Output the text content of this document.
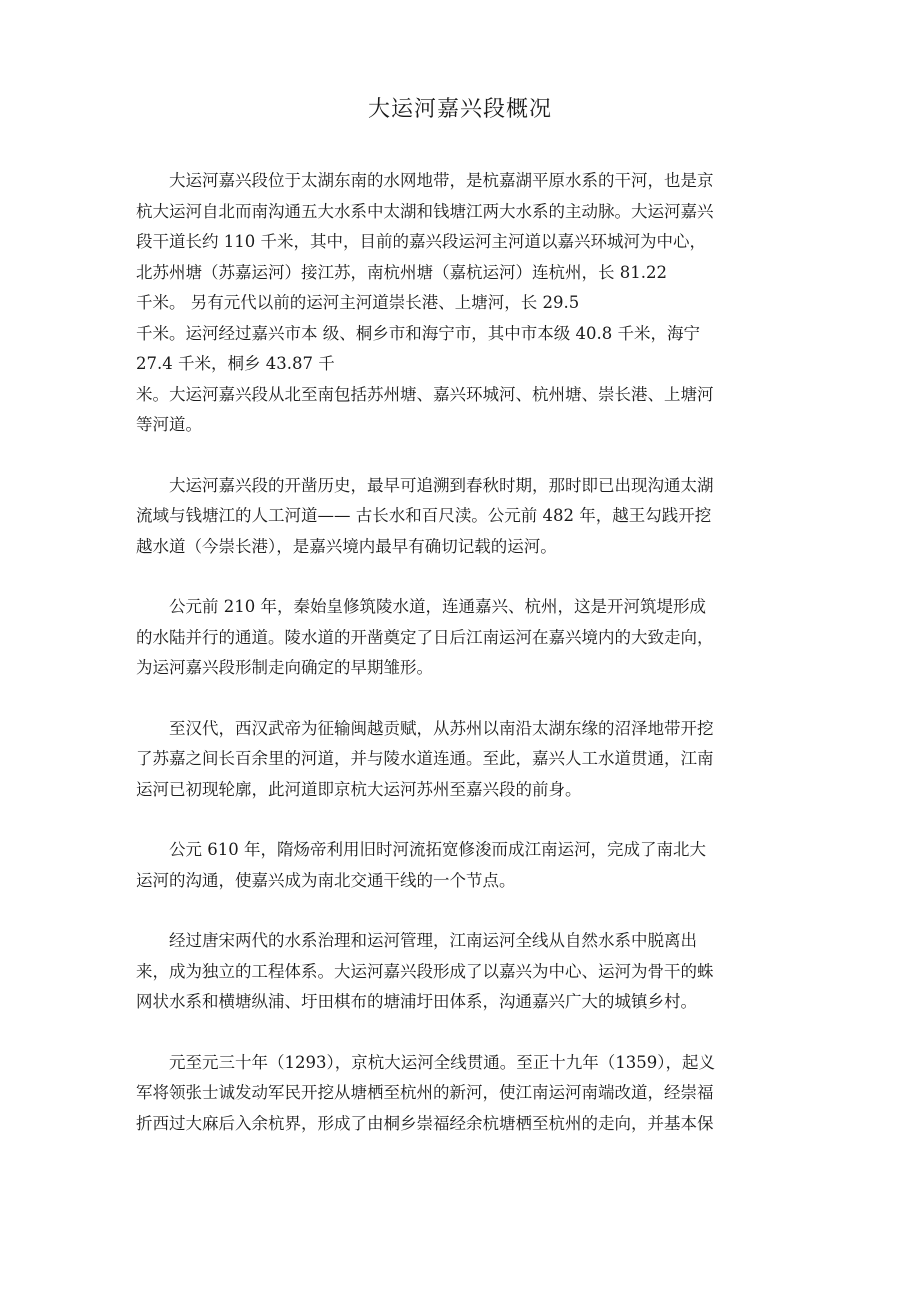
大运河嘉兴段概况
大运河嘉兴段位于太湖东南的水网地带，是杭嘉湖平原水系的干河，也是京
杭大运河自北而南沟通五大水系中太湖和钱塘江两大水系的主动脉。大运河嘉兴
段干道长约 110 千米，其中，目前的嘉兴段运河主河道以嘉兴环城河为中心，
北苏州塘（苏嘉运河）接江苏，南杭州塘（嘉杭运河）连杭州，长 81.22
千米。 另有元代以前的运河主河道崇长港、上塘河，长 29.5
千米。运河经过嘉兴市本 级、桐乡市和海宁市，其中市本级 40.8 千米，海宁
27.4 千米，桐乡 43.87 千
米。大运河嘉兴段从北至南包括苏州塘、嘉兴环城河、杭州塘、崇长港、上塘河
等河道。
大运河嘉兴段的开凿历史，最早可追溯到春秋时期，那时即已出现沟通太湖
流域与钱塘江的人工河道—— 古长水和百尺渎。公元前 482 年，越王勾践开挖
越水道（今崇长港），是嘉兴境内最早有确切记载的运河。
公元前 210 年，秦始皇修筑陵水道，连通嘉兴、杭州，这是开河筑堤形成
的水陆并行的通道。陵水道的开凿奠定了日后江南运河在嘉兴境内的大致走向，
为运河嘉兴段形制走向确定的早期雏形。
至汉代，西汉武帝为征输闽越贡赋，从苏州以南沿太湖东缘的沼泽地带开挖
了苏嘉之间长百余里的河道，并与陵水道连通。至此，嘉兴人工水道贯通，江南
运河已初现轮廓，此河道即京杭大运河苏州至嘉兴段的前身。
公元 610 年，隋炀帝利用旧时河流拓宽修浚而成江南运河，完成了南北大
运河的沟通，使嘉兴成为南北交通干线的一个节点。
经过唐宋两代的水系治理和运河管理，江南运河全线从自然水系中脱离出
来，成为独立的工程体系。大运河嘉兴段形成了以嘉兴为中心、运河为骨干的蛛
网状水系和横塘纵浦、圩田棋布的塘浦圩田体系，沟通嘉兴广大的城镇乡村。
元至元三十年（1293），京杭大运河全线贯通。至正十九年（1359），起义
军将领张士诚发动军民开挖从塘栖至杭州的新河，使江南运河南端改道，经崇福
折西过大麻后入余杭界，形成了由桐乡崇福经余杭塘栖至杭州的走向，并基本保
